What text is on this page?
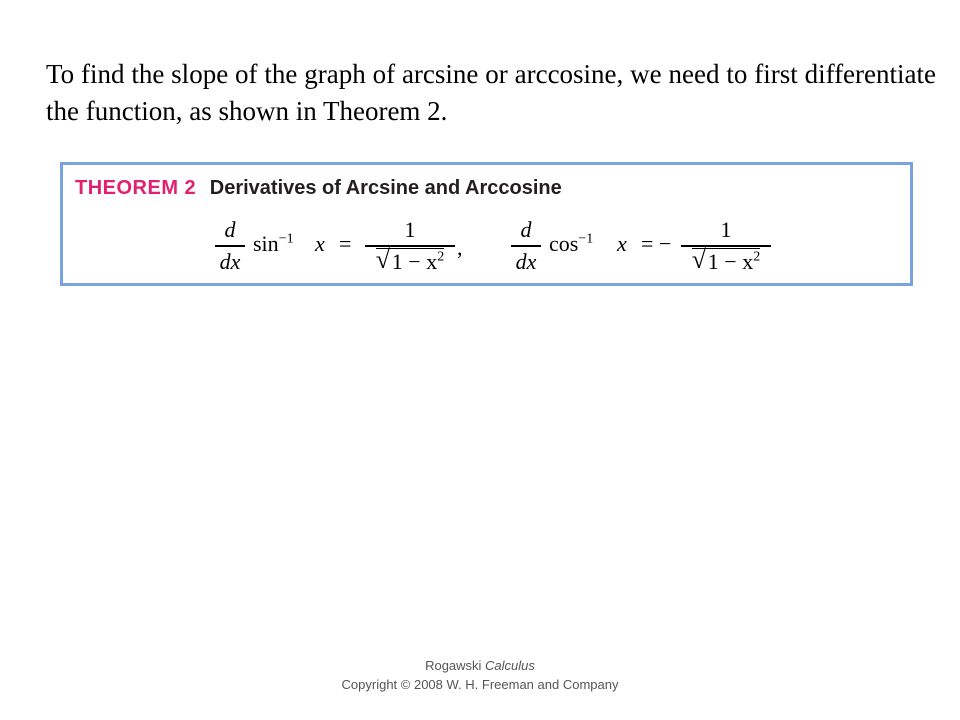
To find the slope of the graph of arcsine or arccosine, we need to first differentiate the function, as shown in Theorem 2.
THEOREM 2 Derivatives of Arcsine and Arccosine
d
dx
$\sin^{-1} x$ =
1
√ $1 - x^2$ ,
d
dx
$\cos^{-1} x$ = −
1
√ $1 - x^2$
Rogawski Calculus
Copyright © 2008 W. H. Freeman and Company
